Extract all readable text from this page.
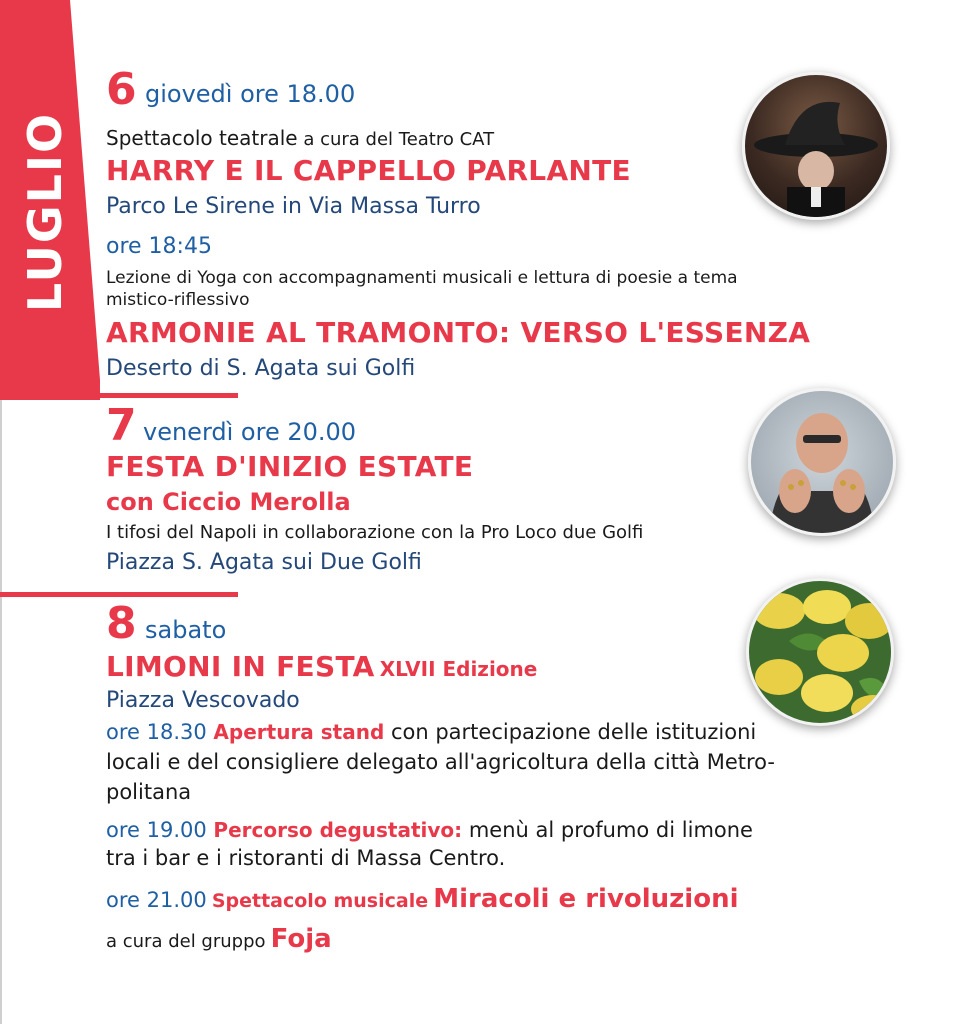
LUGLIO
6 giovedì ore 18.00
Spettacolo teatrale a cura del Teatro CAT
HARRY E IL CAPPELLO PARLANTE
Parco Le Sirene in Via Massa Turro
ore 18:45
Lezione di Yoga con accompagnamenti musicali e lettura di poesie a tema
mistico-riflessivo
ARMONIE AL TRAMONTO: VERSO L'ESSENZA
Deserto di S. Agata sui Golfi
7 venerdì ore 20.00
FESTA D'INIZIO ESTATE
con Ciccio Merolla
I tifosi del Napoli in collaborazione con la Pro Loco due Golfi
Piazza S. Agata sui Due Golfi
8 sabato
LIMONI IN FESTA XLVII Edizione
Piazza Vescovado
ore 18.30 Apertura stand con partecipazione delle istituzioni
locali e del consigliere delegato all'agricoltura della città Metro-
politana
ore 19.00 Percorso degustativo: menù al profumo di limone
tra i bar e i ristoranti di Massa Centro.
ore 21.00 Spettacolo musicale Miracoli e rivoluzioni
a cura del gruppo Foja
